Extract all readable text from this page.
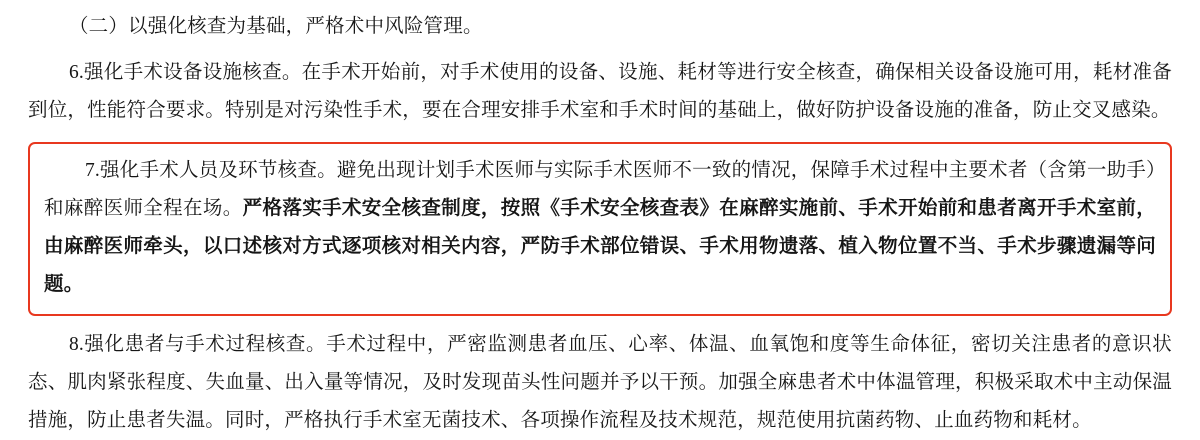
（二）以强化核查为基础，严格术中风险管理。

6.强化手术设备设施核查。在手术开始前，对手术使用的设备、设施、耗材等进行安全核查，确保相关设备设施可用，耗材准备到位，性能符合要求。特别是对污染性手术，要在合理安排手术室和手术时间的基础上，做好防护设备设施的准备，防止交叉感染。

7.强化手术人员及环节核查。避免出现计划手术医师与实际手术医师不一致的情况，保障手术过程中主要术者（含第一助手）和麻醉医师全程在场。严格落实手术安全核查制度，按照《手术安全核查表》在麻醉实施前、手术开始前和患者离开手术室前，由麻醉医师牵头，以口述核对方式逐项核对相关内容，严防手术部位错误、手术用物遗落、植入物位置不当、手术步骤遗漏等问题。

8.强化患者与手术过程核查。手术过程中，严密监测患者血压、心率、体温、血氧饱和度等生命体征，密切关注患者的意识状态、肌肉紧张程度、失血量、出入量等情况，及时发现苗头性问题并予以干预。加强全麻患者术中体温管理，积极采取术中主动保温措施，防止患者失温。同时，严格执行手术室无菌技术、各项操作流程及技术规范，规范使用抗菌药物、止血药物和耗材。
